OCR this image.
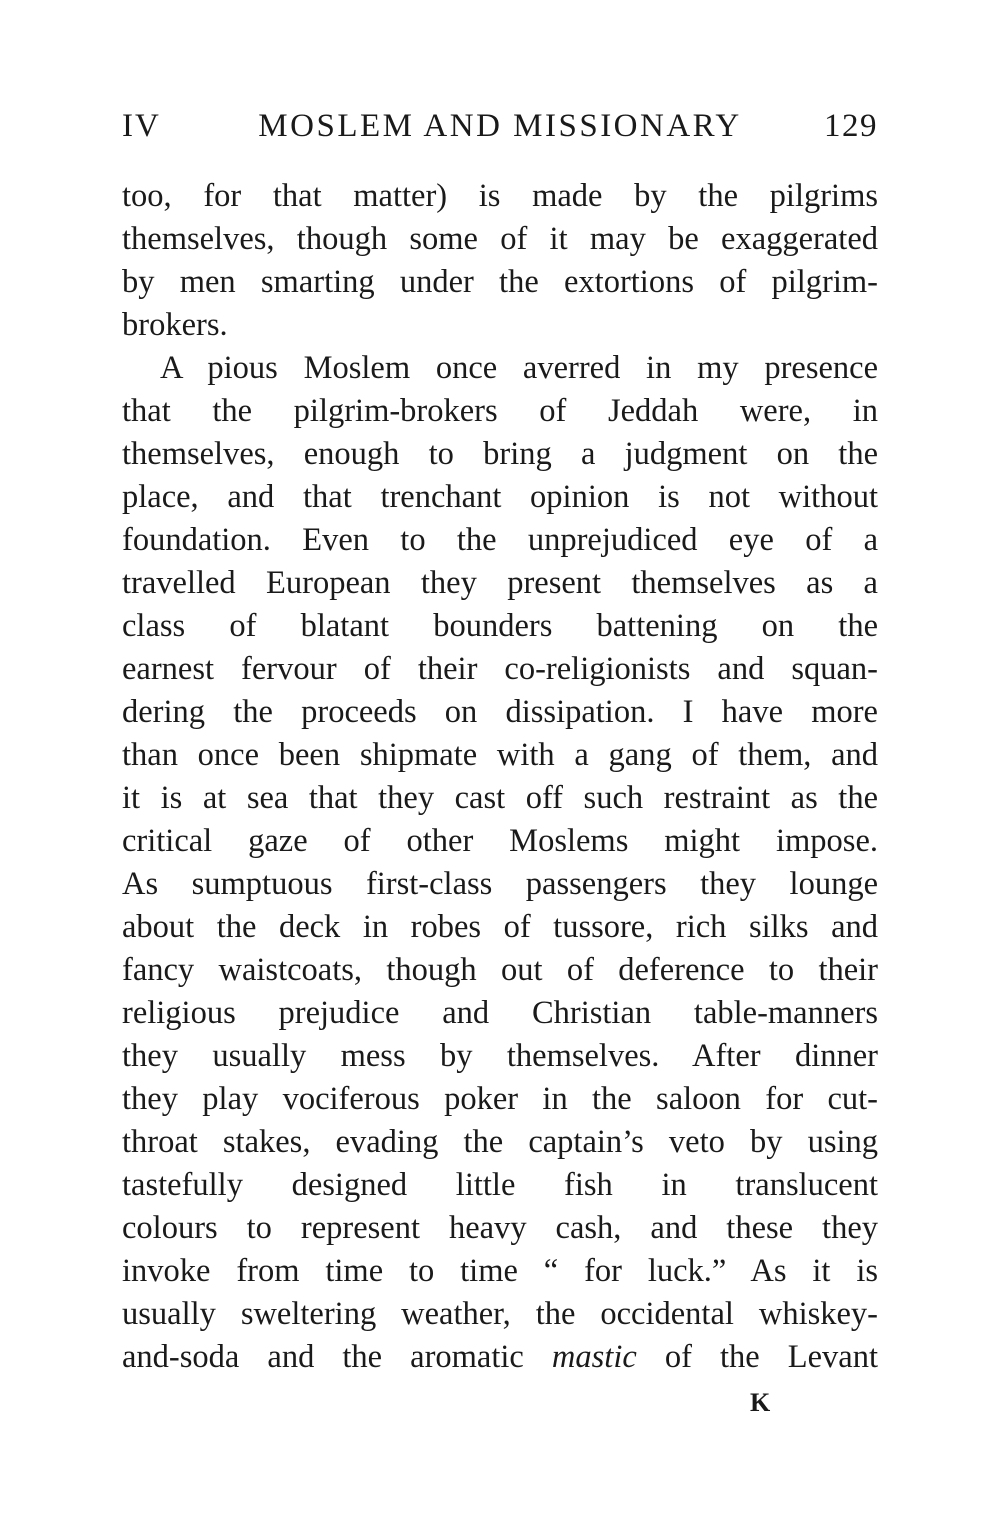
IV	MOSLEM AND MISSIONARY	129
too, for that matter) is made by the pilgrims
themselves, though some of it may be exaggerated
by men smarting under the extortions of pilgrim-
brokers.
A pious Moslem once averred in my presence
that the pilgrim-brokers of Jeddah were, in
themselves, enough to bring a judgment on the
place, and that trenchant opinion is not without
foundation. Even to the unprejudiced eye of a
travelled European they present themselves as a
class of blatant bounders battening on the
earnest fervour of their co-religionists and squan-
dering the proceeds on dissipation. I have more
than once been shipmate with a gang of them, and
it is at sea that they cast off such restraint as the
critical gaze of other Moslems might impose.
As sumptuous first-class passengers they lounge
about the deck in robes of tussore, rich silks and
fancy waistcoats, though out of deference to their
religious prejudice and Christian table-manners
they usually mess by themselves. After dinner
they play vociferous poker in the saloon for cut-
throat stakes, evading the captain’s veto by using
tastefully designed little fish in translucent
colours to represent heavy cash, and these they
invoke from time to time “ for luck.” As it is
usually sweltering weather, the occidental whiskey-
and-soda and the aromatic mastic of the Levant
K
